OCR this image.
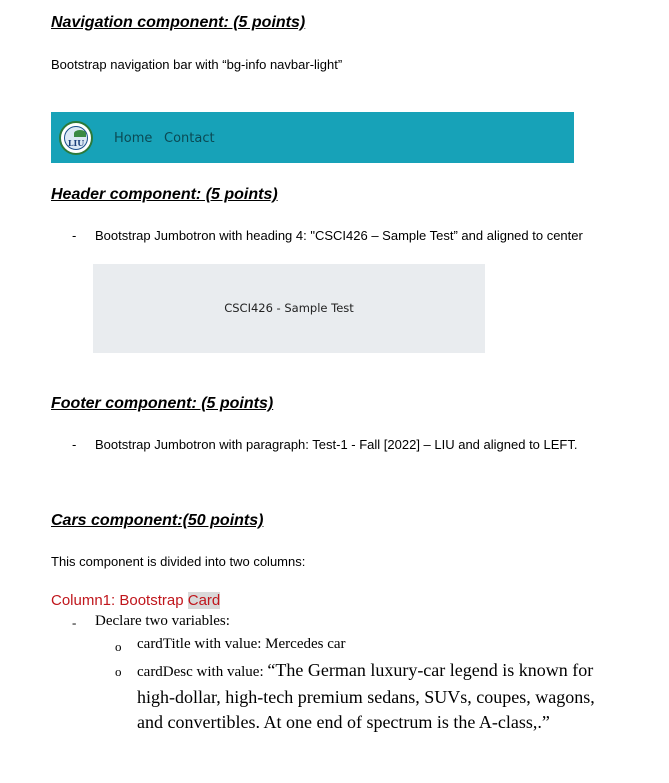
Navigation component: (5 points)
Bootstrap navigation bar with “bg-info navbar-light”
LIU Home Contact
Header component: (5 points)
- Bootstrap Jumbotron with heading 4: "CSCI426 – Sample Test” and aligned to center
CSCI426 - Sample Test
Footer component: (5 points)
- Bootstrap Jumbotron with paragraph: Test-1 - Fall [2022] – LIU and aligned to LEFT.
Cars component:(50 points)
This component is divided into two columns:
Column1: Bootstrap Card
- Declare two variables:
o cardTitle with value: Mercedes car
o cardDesc with value: “The German luxury-car legend is known for high-dollar, high-tech premium sedans, SUVs, coupes, wagons, and convertibles. At one end of spectrum is the A-class,.”
